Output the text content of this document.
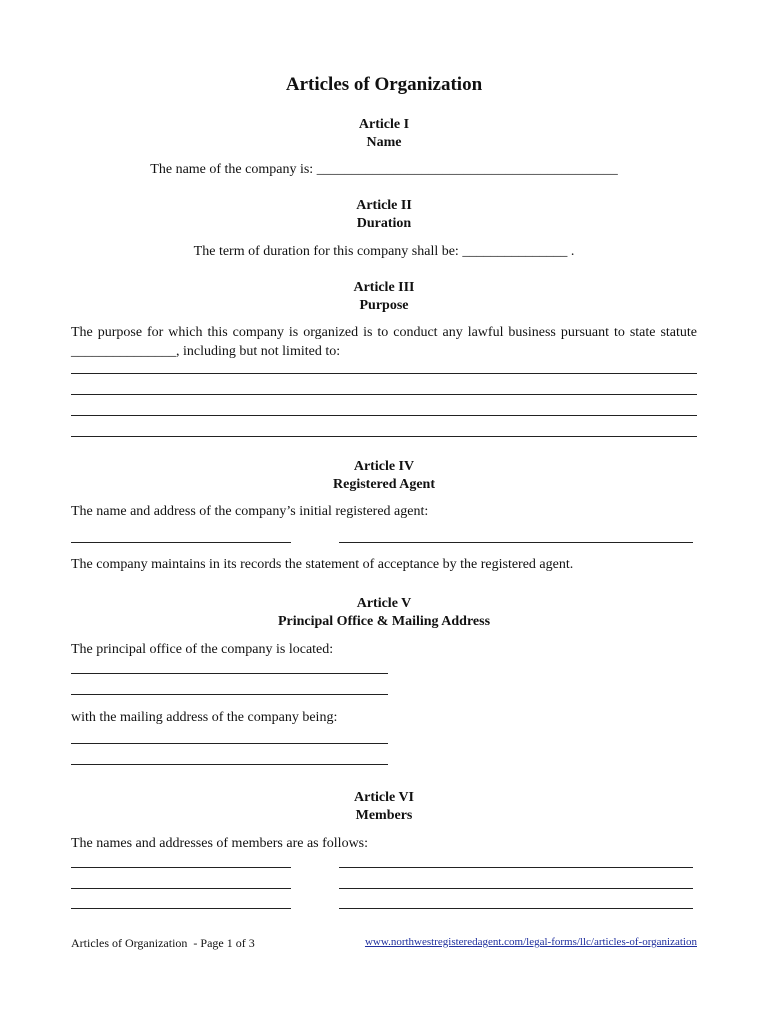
Articles of Organization
Article I
Name
The name of the company is: ___________________________________________
Article II
Duration
The term of duration for this company shall be: _______________ .
Article III
Purpose
The purpose for which this company is organized is to conduct any lawful business pursuant to state statute _______________, including but not limited to:
Article IV
Registered Agent
The name and address of the company’s initial registered agent:
The company maintains in its records the statement of acceptance by the registered agent.
Article V
Principal Office & Mailing Address
The principal office of the company is located:
with the mailing address of the company being:
Article VI
Members
The names and addresses of members are as follows:
Articles of Organization  - Page 1 of 3	www.northwestregisteredagent.com/legal-forms/llc/articles-of-organization
